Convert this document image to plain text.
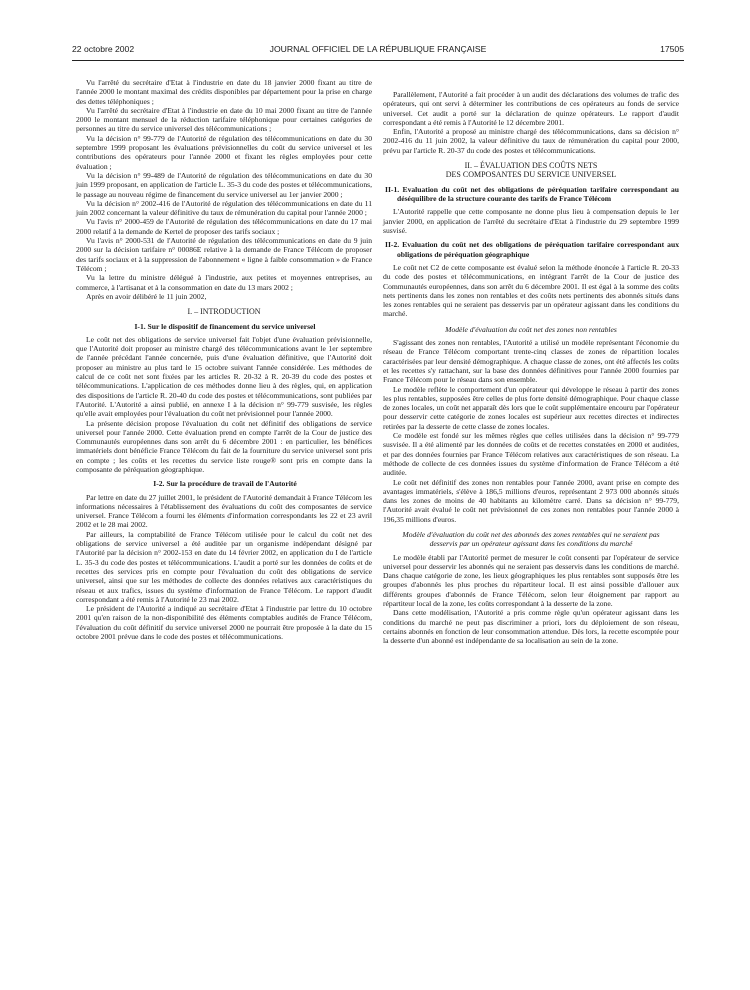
22 octobre 2002	JOURNAL OFFICIEL DE LA RÉPUBLIQUE FRANÇAISE	17505

Vu l'arrêté du secrétaire d'Etat à l'industrie en date du 18 janvier 2000 fixant au titre de l'année 2000 le montant maximal des crédits disponibles par département pour la prise en charge des dettes téléphoniques ;

Vu l'arrêté du secrétaire d'Etat à l'industrie en date du 10 mai 2000 fixant au titre de l'année 2000 le montant mensuel de la réduction tarifaire téléphonique pour certaines catégories de personnes au titre du service universel des télécommunications ;

Vu la décision n° 99-779 de l'Autorité de régulation des télécommunications en date du 30 septembre 1999 proposant les évaluations prévisionnelles du coût du service universel et les contributions des opérateurs pour l'année 2000 et fixant les règles employées pour cette évaluation ;

Vu la décision n° 99-489 de l'Autorité de régulation des télécommunications en date du 30 juin 1999 proposant, en application de l'article L. 35-3 du code des postes et télécommunications, le passage au nouveau régime de financement du service universel au 1er janvier 2000 ;

Vu la décision n° 2002-416 de l'Autorité de régulation des télécommunications en date du 11 juin 2002 concernant la valeur définitive du taux de rémunération du capital pour l'année 2000 ;

Vu l'avis n° 2000-459 de l'Autorité de régulation des télécommunications en date du 17 mai 2000 relatif à la demande de Kertel de proposer des tarifs sociaux ;

Vu l'avis n° 2000-531 de l'Autorité de régulation des télécommunications en date du 9 juin 2000 sur la décision tarifaire n° 00086E relative à la demande de France Télécom de proposer des tarifs sociaux et à la suppression de l'abonnement « ligne à faible consommation » de France Télécom ;

Vu la lettre du ministre délégué à l'industrie, aux petites et moyennes entreprises, au commerce, à l'artisanat et à la consommation en date du 13 mars 2002 ;

Après en avoir délibéré le 11 juin 2002,

I. – INTRODUCTION
I-1. Sur le dispositif de financement du service universel

Le coût net des obligations de service universel fait l'objet d'une évaluation prévisionnelle, que l'Autorité doit proposer au ministre chargé des télécommunications avant le 1er septembre de l'année précédant l'année concernée, puis d'une évaluation définitive, que l'Autorité doit proposer au ministre au plus tard le 15 octobre suivant l'année considérée. Les méthodes de calcul de ce coût net sont fixées par les articles R. 20-32 à R. 20-39 du code des postes et télécommunications. L'application de ces méthodes donne lieu à des règles, qui, en application des dispositions de l'article R. 20-40 du code des postes et télécommunications, sont publiées par l'Autorité. L'Autorité a ainsi publié, en annexe I à la décision n° 99-779 susvisée, les règles qu'elle avait employées pour l'évaluation du coût net prévisionnel pour l'année 2000.

La présente décision propose l'évaluation du coût net définitif des obligations de service universel pour l'année 2000. Cette évaluation prend en compte l'arrêt de la Cour de justice des Communautés européennes dans son arrêt du 6 décembre 2001 : en particulier, les bénéfices immatériels dont bénéficie France Télécom du fait de la fourniture du service universel sont pris en compte ; les coûts et les recettes du service liste rouge® sont pris en compte dans la composante de péréquation géographique.

I-2. Sur la procédure de travail de l'Autorité

Par lettre en date du 27 juillet 2001, le président de l'Autorité demandait à France Télécom les informations nécessaires à l'établissement des évaluations du coût des composantes de service universel. France Télécom a fourni les éléments d'information correspondants les 22 et 23 avril 2002 et le 28 mai 2002.

Par ailleurs, la comptabilité de France Télécom utilisée pour le calcul du coût net des obligations de service universel a été auditée par un organisme indépendant désigné par l'Autorité par la décision n° 2002-153 en date du 14 février 2002, en application du I de l'article L. 35-3 du code des postes et télécommunications. L'audit a porté sur les données de coûts et de recettes des services pris en compte pour l'évaluation du coût des obligations de service universel, ainsi que sur les méthodes de collecte des données relatives aux caractéristiques du réseau et aux trafics, issues du système d'information de France Télécom. Le rapport d'audit correspondant a été remis à l'Autorité le 23 mai 2002.

Le président de l'Autorité a indiqué au secrétaire d'Etat à l'industrie par lettre du 10 octobre 2001 qu'en raison de la non-disponibilité des éléments comptables audités de France Télécom, l'évaluation du coût définitif du service universel 2000 ne pourrait être proposée à la date du 15 octobre 2001 prévue dans le code des postes et télécommunications.

Parallèlement, l'Autorité a fait procéder à un audit des déclarations des volumes de trafic des opérateurs, qui ont servi à déterminer les contributions de ces opérateurs au fonds de service universel. Cet audit a porté sur la déclaration de quinze opérateurs. Le rapport d'audit correspondant a été remis à l'Autorité le 12 décembre 2001.

Enfin, l'Autorité a proposé au ministre chargé des télécommunications, dans sa décision n° 2002-416 du 11 juin 2002, la valeur définitive du taux de rémunération du capital pour 2000, prévu par l'article R. 20-37 du code des postes et télécommunications.

II. – ÉVALUATION DES COÛTS NETS
DES COMPOSANTES DU SERVICE UNIVERSEL
II-1. Evaluation du coût net des obligations de péréquation tarifaire correspondant au déséquilibre de la structure courante des tarifs de France Télécom

L'Autorité rappelle que cette composante ne donne plus lieu à compensation depuis le 1er janvier 2000, en application de l'arrêté du secrétaire d'Etat à l'industrie du 29 septembre 1999 susvisé.

II-2. Evaluation du coût net des obligations de péréquation tarifaire correspondant aux obligations de péréquation géographique

Le coût net C2 de cette composante est évalué selon la méthode énoncée à l'article R. 20-33 du code des postes et télécommunications, en intégrant l'arrêt de la Cour de justice des Communautés européennes, dans son arrêt du 6 décembre 2001. Il est égal à la somme des coûts nets pertinents dans les zones non rentables et des coûts nets pertinents des abonnés situés dans les zones rentables qui ne seraient pas desservis par un opérateur agissant dans les conditions du marché.

Modèle d'évaluation du coût net des zones non rentables

S'agissant des zones non rentables, l'Autorité a utilisé un modèle représentant l'économie du réseau de France Télécom comportant trente-cinq classes de zones de répartition locales caractérisées par leur densité démographique. A chaque classe de zones, ont été affectés les coûts et les recettes s'y rattachant, sur la base des données définitives pour l'année 2000 fournies par France Télécom pour le réseau dans son ensemble.

Le modèle reflète le comportement d'un opérateur qui développe le réseau à partir des zones les plus rentables, supposées être celles de plus forte densité démographique. Pour chaque classe de zones locales, un coût net apparaît dès lors que le coût supplémentaire encouru par l'opérateur pour desservir cette catégorie de zones locales est supérieur aux recettes directes et indirectes retirées par la desserte de cette classe de zones locales.

Ce modèle est fondé sur les mêmes règles que celles utilisées dans la décision n° 99-779 susvisée. Il a été alimenté par les données de coûts et de recettes constatées en 2000 et auditées, et par des données fournies par France Télécom relatives aux caractéristiques de son réseau. La méthode de collecte de ces données issues du système d'information de France Télécom a été auditée.

Le coût net définitif des zones non rentables pour l'année 2000, avant prise en compte des avantages immatériels, s'élève à 186,5 millions d'euros, représentant 2 973 000 abonnés situés dans les zones de moins de 40 habitants au kilomètre carré. Dans sa décision n° 99-779, l'Autorité avait évalué le coût net prévisionnel de ces zones non rentables pour l'année 2000 à 196,35 millions d'euros.

Modèle d'évaluation du coût net des abonnés des zones rentables qui ne seraient pas desservis par un opérateur agissant dans les conditions du marché

Le modèle établi par l'Autorité permet de mesurer le coût consenti par l'opérateur de service universel pour desservir les abonnés qui ne seraient pas desservis dans les conditions de marché. Dans chaque catégorie de zone, les lieux géographiques les plus rentables sont supposés être les groupes d'abonnés les plus proches du répartiteur local. Il est ainsi possible d'allouer aux différents groupes d'abonnés de France Télécom, selon leur éloignement par rapport au répartiteur local de la zone, les coûts correspondant à la desserte de la zone.

Dans cette modélisation, l'Autorité a pris comme règle qu'un opérateur agissant dans les conditions du marché ne peut pas discriminer a priori, lors du déploiement de son réseau, certains abonnés en fonction de leur consommation attendue. Dès lors, la recette escomptée pour la desserte d'un abonné est indépendante de sa localisation au sein de la zone.
